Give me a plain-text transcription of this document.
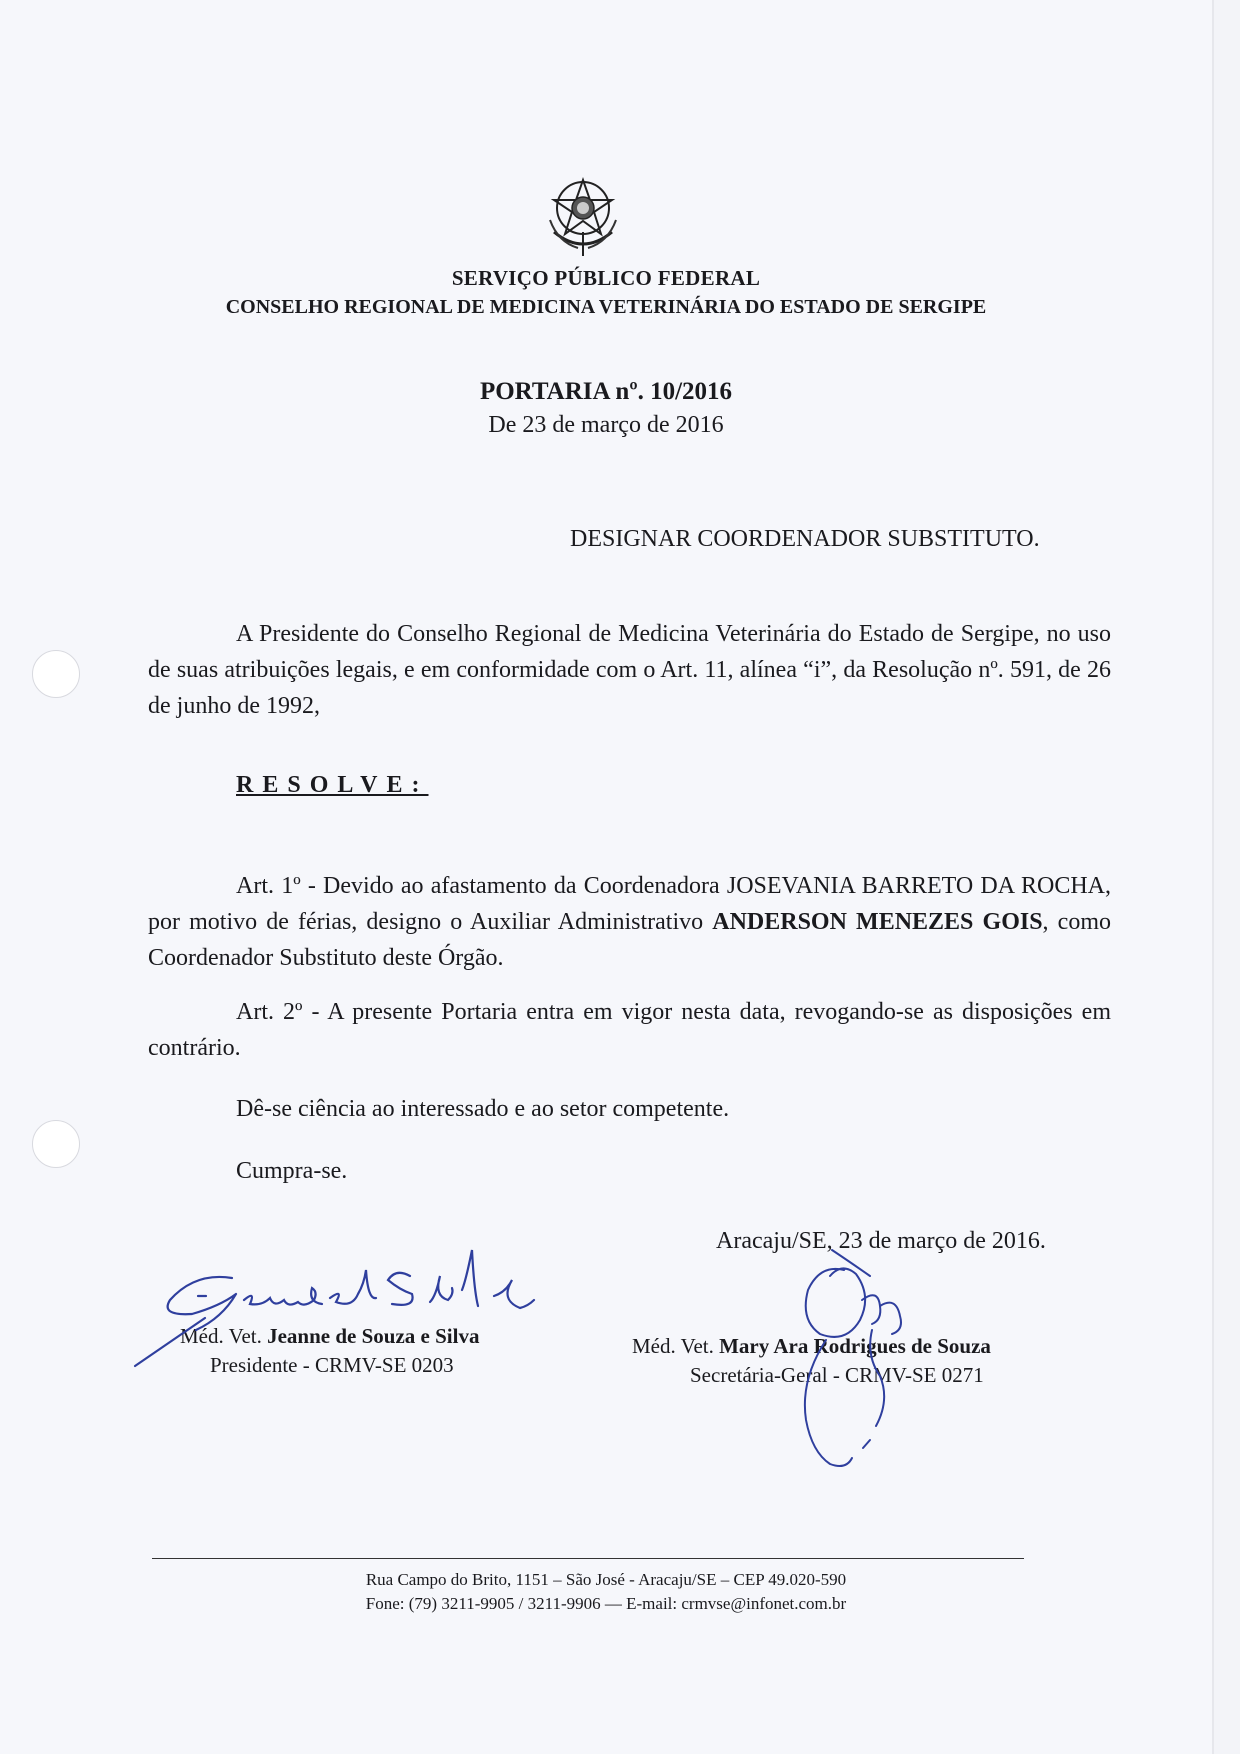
SERVIÇO PÚBLICO FEDERAL
CONSELHO REGIONAL DE MEDICINA VETERINÁRIA DO ESTADO DE SERGIPE
PORTARIA nº. 10/2016
De 23 de março de 2016
DESIGNAR COORDENADOR SUBSTITUTO.
A Presidente do Conselho Regional de Medicina Veterinária do Estado de Sergipe, no uso de suas atribuições legais, e em conformidade com o Art. 11, alínea “i”, da Resolução nº. 591, de 26 de junho de 1992,
RESOLVE:
Art. 1º - Devido ao afastamento da Coordenadora JOSEVANIA BARRETO DA ROCHA, por motivo de férias, designo o Auxiliar Administrativo ANDERSON MENEZES GOIS, como Coordenador Substituto deste Órgão.
Art. 2º - A presente Portaria entra em vigor nesta data, revogando-se as disposições em contrário.
Dê-se ciência ao interessado e ao setor competente.
Cumpra-se.
Aracaju/SE, 23 de março de 2016.
Méd. Vet. Jeanne de Souza e Silva
Presidente - CRMV-SE 0203
Méd. Vet. Mary Ara Rodrigues de Souza
Secretária-Geral - CRMV-SE 0271
Rua Campo do Brito, 1151 – São José - Aracaju/SE – CEP 49.020-590
Fone: (79) 3211-9905 / 3211-9906 — E-mail: crmvse@infonet.com.br
